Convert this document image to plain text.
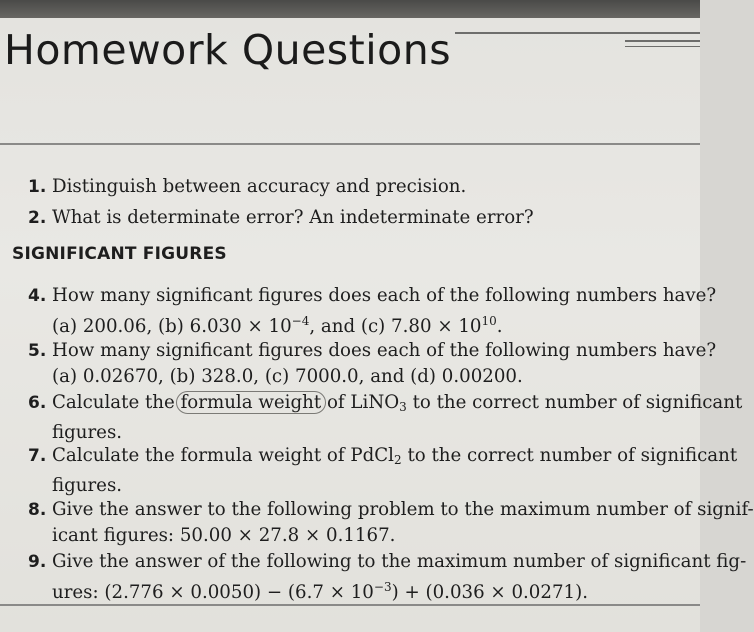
Homework Questions
1. Distinguish between accuracy and precision.
2. What is determinate error? An indeterminate error?
SIGNIFICANT FIGURES
4. How many significant figures does each of the following numbers have?
(a) 200.06, (b) $6.030 \times 10^{-4}$, and (c) $7.80 \times 10^{10}$.
5. How many significant figures does each of the following numbers have?
(a) 0.02670, (b) 328.0, (c) 7000.0, and (d) 0.00200.
6. Calculate the formula weight of LiNO$_3$ to the correct number of significant
figures.
7. Calculate the formula weight of PdCl$_2$ to the correct number of significant
figures.
8. Give the answer to the following problem to the maximum number of signif-
icant figures: 50.00 × 27.8 × 0.1167.
9. Give the answer of the following to the maximum number of significant fig-
ures: $(2.776 \times 0.0050) - (6.7 \times 10^{-3}) + (0.036 \times 0.0271)$.
